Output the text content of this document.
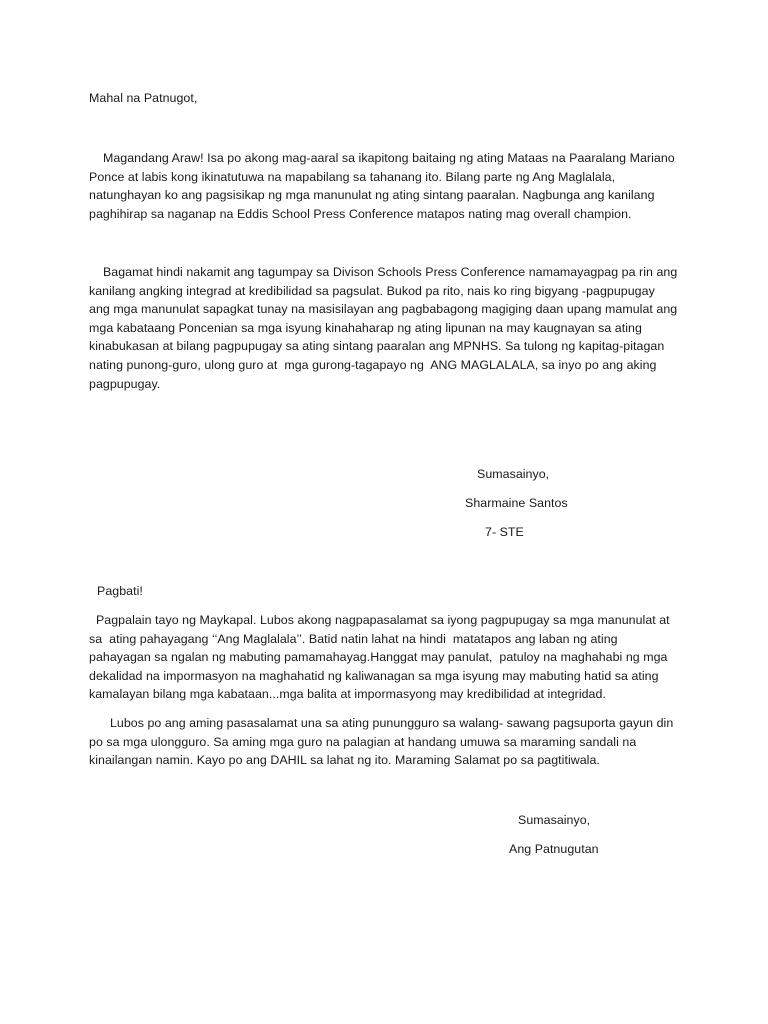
Mahal na Patnugot,
Magandang Araw! Isa po akong mag-aaral sa ikapitong baitaing ng ating Mataas na Paaralang Mariano
Ponce at labis kong ikinatutuwa na mapabilang sa tahanang ito. Bilang parte ng Ang Maglalala,
natunghayan ko ang pagsisikap ng mga manunulat ng ating sintang paaralan. Nagbunga ang kanilang
paghihirap sa naganap na Eddis School Press Conference matapos nating mag overall champion.
Bagamat hindi nakamit ang tagumpay sa Divison Schools Press Conference namamayagpag pa rin ang
kanilang angking integrad at kredibilidad sa pagsulat. Bukod pa rito, nais ko ring bigyang -pagpupugay
ang mga manunulat sapagkat tunay na masisilayan ang pagbabagong magiging daan upang mamulat ang
mga kabataang Poncenian sa mga isyung kinahaharap ng ating lipunan na may kaugnayan sa ating
kinabukasan at bilang pagpupugay sa ating sintang paaralan ang MPNHS. Sa tulong ng kapitag-pitagan
nating punong-guro, ulong guro at  mga gurong-tagapayo ng  ANG MAGLALALA, sa inyo po ang aking
pagpupugay.
Sumasainyo,
Sharmaine Santos
7- STE
Pagbati!
Pagpalain tayo ng Maykapal. Lubos akong nagpapasalamat sa iyong pagpupugay sa mga manunulat at
sa  ating pahayagang ‘‘Ang Maglalala’’. Batid natin lahat na hindi  matatapos ang laban ng ating
pahayagan sa ngalan ng mabuting pamamahayag.Hanggat may panulat,  patuloy na maghahabi ng mga
dekalidad na impormasyon na maghahatid ng kaliwanagan sa mga isyung may mabuting hatid sa ating
kamalayan bilang mga kabataan...mga balita at impormasyong may kredibilidad at integridad.
Lubos po ang aming pasasalamat una sa ating punungguro sa walang- sawang pagsuporta gayun din
po sa mga ulongguro. Sa aming mga guro na palagian at handang umuwa sa maraming sandali na
kinailangan namin. Kayo po ang DAHIL sa lahat ng ito. Maraming Salamat po sa pagtitiwala.
Sumasainyo,
Ang Patnugutan
